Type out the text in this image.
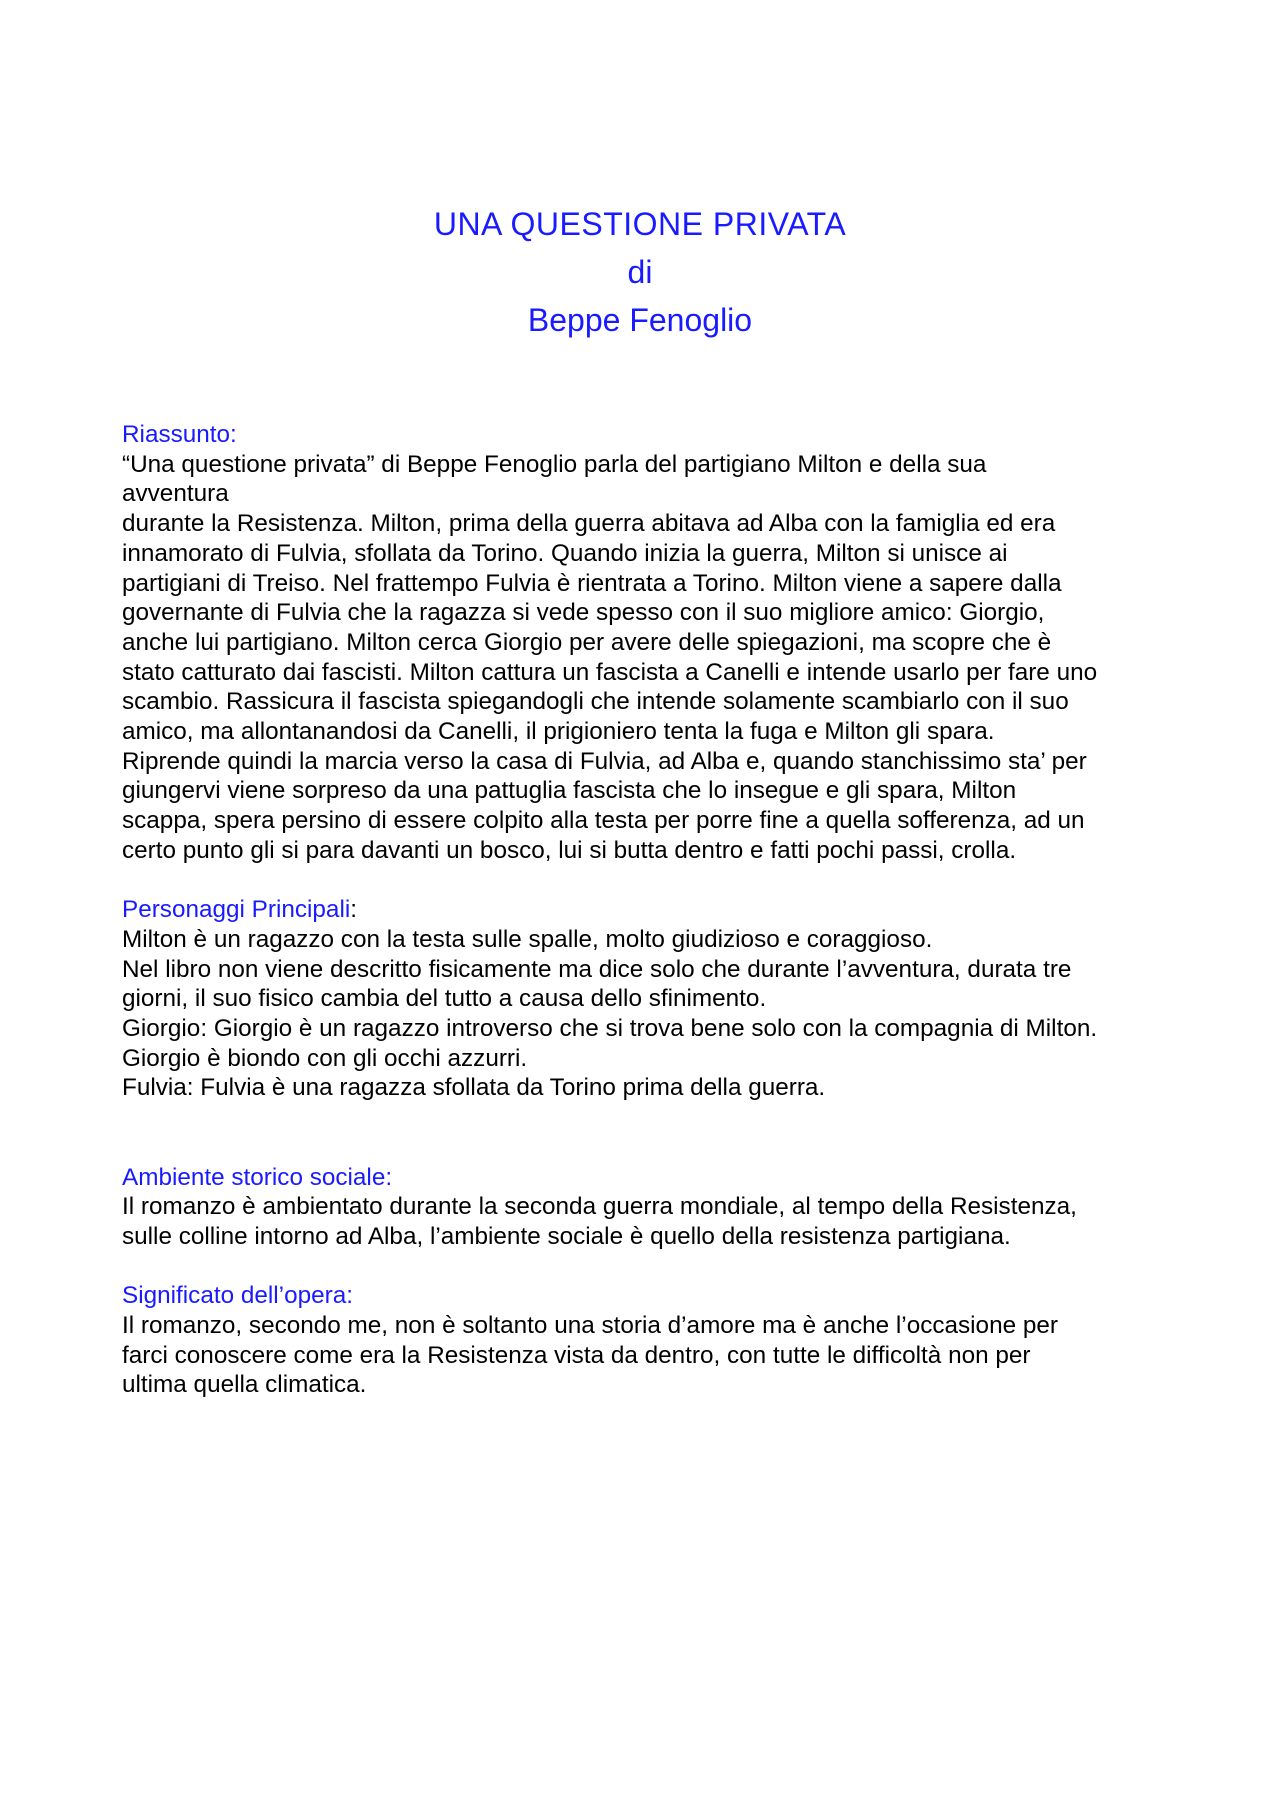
UNA QUESTIONE PRIVATA
di
Beppe Fenoglio
Riassunto:
“Una questione privata” di Beppe Fenoglio parla del partigiano Milton e della sua
avventura
durante la Resistenza. Milton, prima della guerra abitava ad Alba con la famiglia ed era
innamorato di Fulvia, sfollata da Torino. Quando inizia la guerra, Milton si unisce ai
partigiani di Treiso. Nel frattempo Fulvia è rientrata a Torino. Milton viene a sapere dalla
governante di Fulvia che la ragazza si vede spesso con il suo migliore amico: Giorgio,
anche lui partigiano. Milton cerca Giorgio per avere delle spiegazioni, ma scopre che è
stato catturato dai fascisti. Milton cattura un fascista a Canelli e intende usarlo per fare uno
scambio. Rassicura il fascista spiegandogli che intende solamente scambiarlo con il suo
amico, ma allontanandosi da Canelli, il prigioniero tenta la fuga e Milton gli spara.
Riprende quindi la marcia verso la casa di Fulvia, ad Alba e, quando stanchissimo sta’ per
giungervi viene sorpreso da una pattuglia fascista che lo insegue e gli spara, Milton
scappa, spera persino di essere colpito alla testa per porre fine a quella sofferenza, ad un
certo punto gli si para davanti un bosco, lui si butta dentro e fatti pochi passi, crolla.
Personaggi Principali:
Milton è un ragazzo con la testa sulle spalle, molto giudizioso e coraggioso.
Nel libro non viene descritto fisicamente ma dice solo che durante l’avventura, durata tre
giorni, il suo fisico cambia del tutto a causa dello sfinimento.
Giorgio: Giorgio è un ragazzo introverso che si trova bene solo con la compagnia di Milton.
Giorgio è biondo con gli occhi azzurri.
Fulvia: Fulvia è una ragazza sfollata da Torino prima della guerra.
Ambiente storico sociale:
Il romanzo è ambientato durante la seconda guerra mondiale, al tempo della Resistenza,
sulle colline intorno ad Alba, l’ambiente sociale è quello della resistenza partigiana.
Significato dell’opera:
Il romanzo, secondo me, non è soltanto una storia d’amore ma è anche l’occasione per
farci conoscere come era la Resistenza vista da dentro, con tutte le difficoltà non per
ultima quella climatica.
